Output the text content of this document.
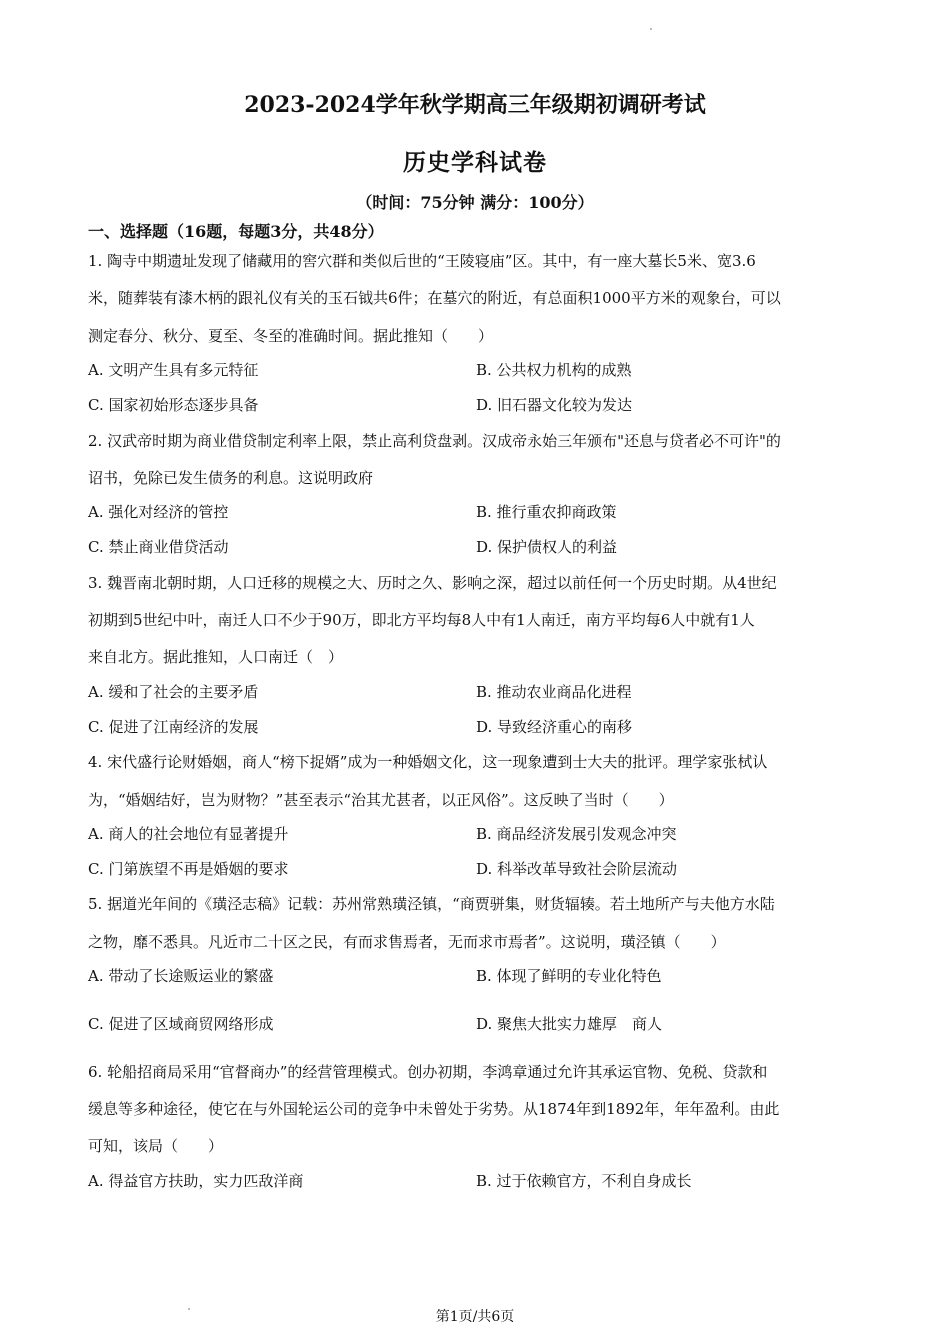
2023-2024学年秋学期高三年级期初调研考试
历史学科试卷
（时间：75分钟 满分：100分）
一、选择题（16题，每题3分，共48分）
1. 陶寺中期遗址发现了储藏用的窖穴群和类似后世的“王陵寝庙”区。其中，有一座大墓长5米、宽3.6
米，随葬装有漆木柄的跟礼仪有关的玉石钺共6件；在墓穴的附近，有总面积1000平方米的观象台，可以
测定春分、秋分、夏至、冬至的准确时间。据此推知（　　）
A. 文明产生具有多元特征	B. 公共权力机构的成熟
C. 国家初始形态逐步具备	D. 旧石器文化较为发达
2. 汉武帝时期为商业借贷制定利率上限，禁止高利贷盘剥。汉成帝永始三年颁布"还息与贷者必不可许"的
诏书，免除已发生债务的利息。这说明政府
A. 强化对经济的管控	B. 推行重农抑商政策
C. 禁止商业借贷活动	D. 保护债权人的利益
3. 魏晋南北朝时期，人口迁移的规模之大、历时之久、影响之深，超过以前任何一个历史时期。从4世纪
初期到5世纪中叶，南迁人口不少于90万，即北方平均每8人中有1人南迁，南方平均每6人中就有1人
来自北方。据此推知，人口南迁（　）
A. 缓和了社会的主要矛盾	B. 推动农业商品化进程
C. 促进了江南经济的发展	D. 导致经济重心的南移
4. 宋代盛行论财婚姻，商人“榜下捉婿”成为一种婚姻文化，这一现象遭到士大夫的批评。理学家张栻认
为，“婚姻结好，岂为财物？”甚至表示“治其尤甚者，以正风俗”。这反映了当时（　　）
A. 商人的社会地位有显著提升	B. 商品经济发展引发观念冲突
C. 门第族望不再是婚姻的要求	D. 科举改革导致社会阶层流动
5. 据道光年间的《璜泾志稿》记载：苏州常熟璜泾镇，“商贾骈集，财货辐辏。若土地所产与夫他方水陆
之物，靡不悉具。凡近市二十区之民，有而求售焉者，无而求市焉者”。这说明，璜泾镇（　　）
A. 带动了长途贩运业的繁盛	B. 体现了鲜明的专业化特色
C. 促进了区域商贸网络形成	D. 聚焦大批实力雄厚　商人
6. 轮船招商局采用“官督商办”的经营管理模式。创办初期，李鸿章通过允许其承运官物、免税、贷款和
缓息等多种途径，使它在与外国轮运公司的竞争中未曾处于劣势。从1874年到1892年，年年盈利。由此
可知，该局（　　）
A. 得益官方扶助，实力匹敌洋商	B. 过于依赖官方，不利自身成长
第1页/共6页
